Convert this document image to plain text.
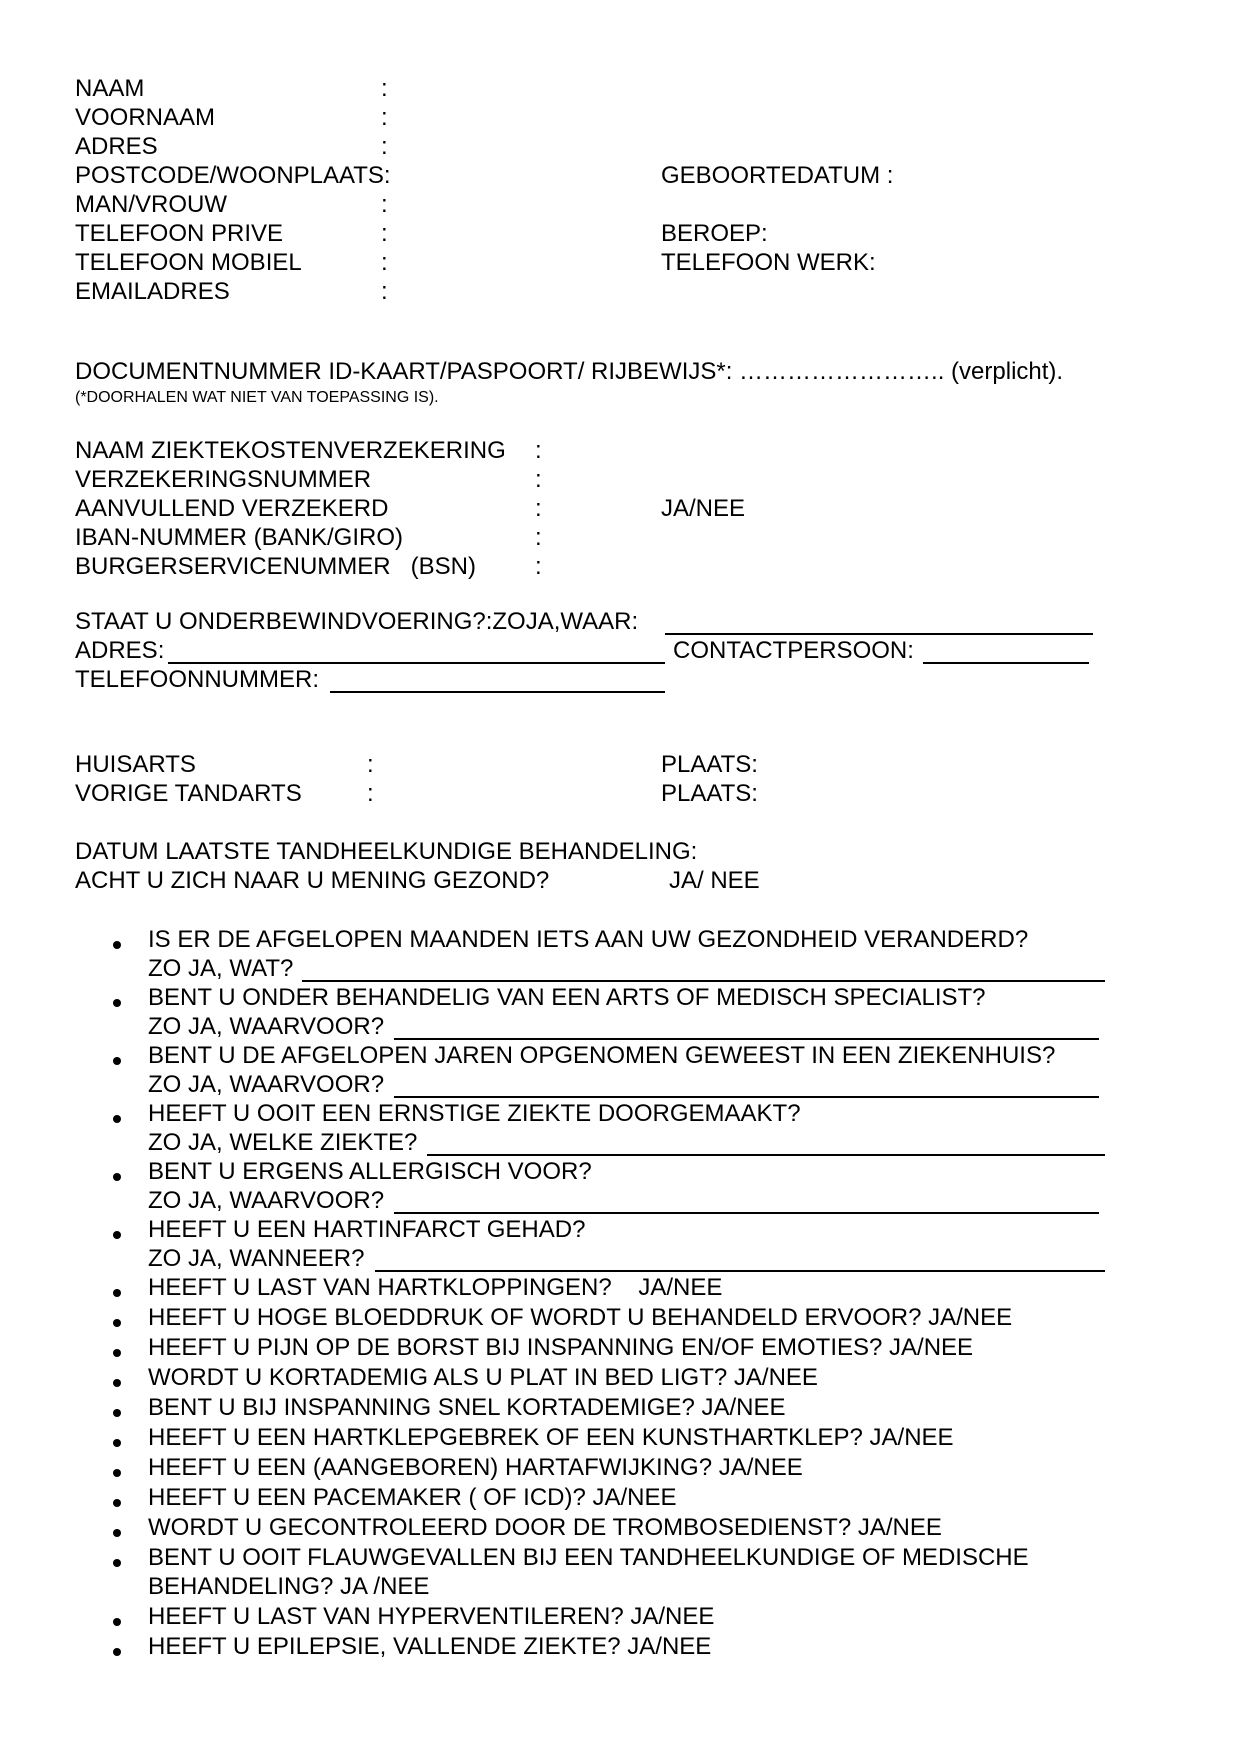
NAAM	:
VOORNAAM	:
ADRES	:
POSTCODE/WOONPLAATS:	GEBOORTEDATUM :
MAN/VROUW	:
TELEFOON PRIVE	:	BEROEP:
TELEFOON MOBIEL	:	TELEFOON WERK:
EMAILADRES	:
DOCUMENTNUMMER ID-KAART/PASPOORT/ RIJBEWIJS*: …………………….. (verplicht).
(*DOORHALEN WAT NIET VAN TOEPASSING IS).
NAAM ZIEKTEKOSTENVERZEKERING :
VERZEKERINGSNUMMER	:
AANVULLEND VERZEKERD	:	JA/NEE
IBAN-NUMMER (BANK/GIRO)	:
BURGERSERVICENUMMER   (BSN) :
STAAT U ONDERBEWINDVOERING?:ZOJA,WAAR:
ADRES:	CONTACTPERSOON:
TELEFOONNUMMER:
HUISARTS	:	PLAATS:
VORIGE TANDARTS	:	PLAATS:
DATUM LAATSTE TANDHEELKUNDIGE BEHANDELING:
ACHT U ZICH NAAR U MENING GEZOND?	JA/ NEE
IS ER DE AFGELOPEN MAANDEN IETS AAN UW GEZONDHEID VERANDERD?
ZO JA, WAT?
BENT U ONDER BEHANDELIG VAN EEN ARTS OF MEDISCH SPECIALIST?
ZO JA, WAARVOOR?
BENT U DE AFGELOPEN JAREN OPGENOMEN GEWEEST IN EEN ZIEKENHUIS?
ZO JA, WAARVOOR?
HEEFT U OOIT EEN ERNSTIGE ZIEKTE DOORGEMAAKT?
ZO JA, WELKE ZIEKTE?
BENT U ERGENS ALLERGISCH VOOR?
ZO JA, WAARVOOR?
HEEFT U EEN HARTINFARCT GEHAD?
ZO JA, WANNEER?
HEEFT U LAST VAN HARTKLOPPINGEN?    JA/NEE
HEEFT U HOGE BLOEDDRUK OF WORDT U BEHANDELD ERVOOR? JA/NEE
HEEFT U PIJN OP DE BORST BIJ INSPANNING EN/OF EMOTIES? JA/NEE
WORDT U KORTADEMIG ALS U PLAT IN BED LIGT? JA/NEE
BENT U BIJ INSPANNING SNEL KORTADEMIGE? JA/NEE
HEEFT U EEN HARTKLEPGEBREK OF EEN KUNSTHARTKLEP? JA/NEE
HEEFT U EEN (AANGEBOREN) HARTAFWIJKING? JA/NEE
HEEFT U EEN PACEMAKER ( OF ICD)? JA/NEE
WORDT U GECONTROLEERD DOOR DE TROMBOSEDIENST? JA/NEE
BENT U OOIT FLAUWGEVALLEN BIJ EEN TANDHEELKUNDIGE OF MEDISCHE
BEHANDELING? JA /NEE
HEEFT U LAST VAN HYPERVENTILEREN? JA/NEE
HEEFT U EPILEPSIE, VALLENDE ZIEKTE? JA/NEE
